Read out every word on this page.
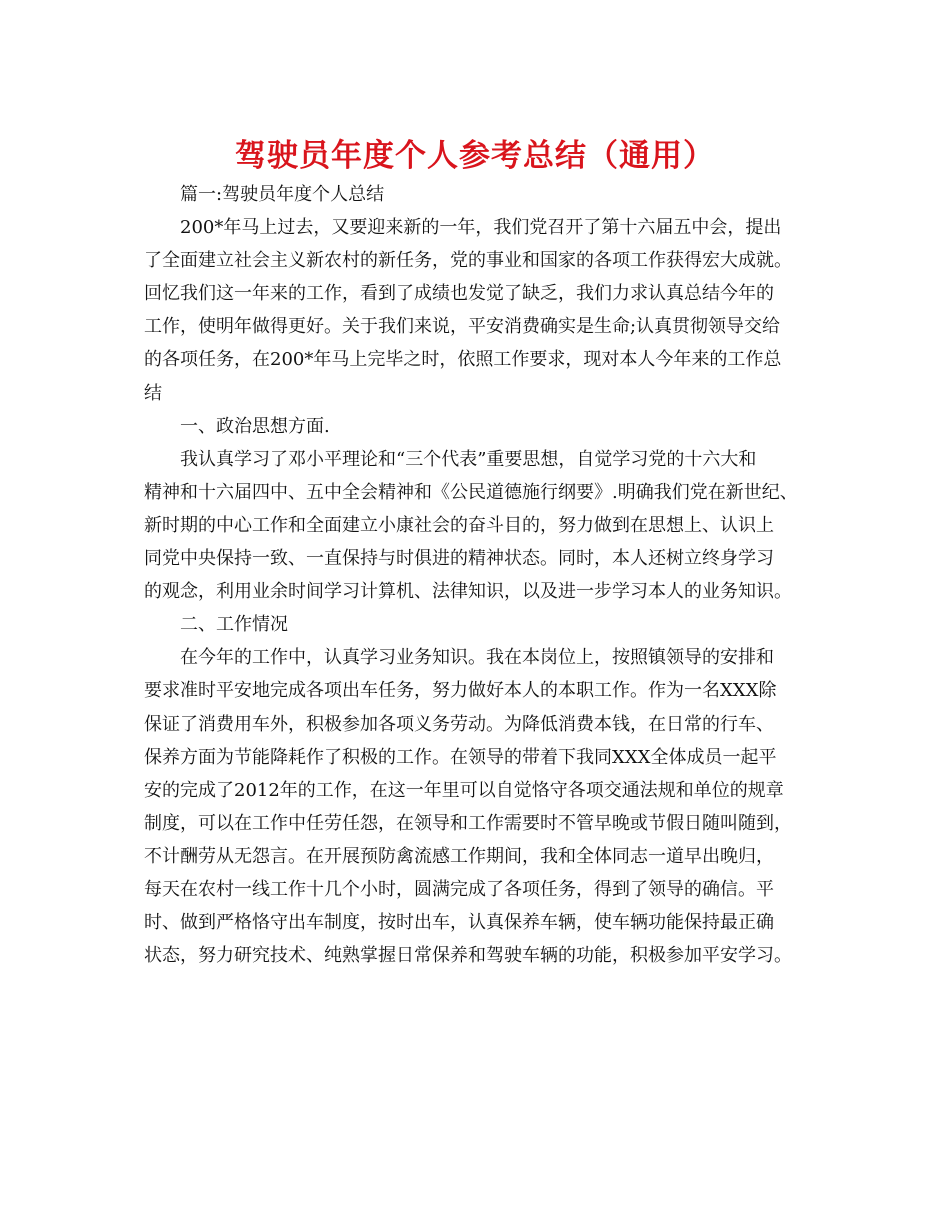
驾驶员年度个人参考总结（通用）
篇一:驾驶员年度个人总结
200*年马上过去，又要迎来新的一年，我们党召开了第十六届五中会，提出
了全面建立社会主义新农村的新任务，党的事业和国家的各项工作获得宏大成就。
回忆我们这一年来的工作，看到了成绩也发觉了缺乏，我们力求认真总结今年的
工作，使明年做得更好。关于我们来说，平安消费确实是生命;认真贯彻领导交给
的各项任务，在200*年马上完毕之时，依照工作要求，现对本人今年来的工作总
结
一、政治思想方面.
我认真学习了邓小平理论和“三个代表”重要思想，自觉学习党的十六大和
精神和十六届四中、五中全会精神和《公民道德施行纲要》.明确我们党在新世纪、
新时期的中心工作和全面建立小康社会的奋斗目的，努力做到在思想上、认识上
同党中央保持一致、一直保持与时俱进的精神状态。同时，本人还树立终身学习
的观念，利用业余时间学习计算机、法律知识，以及进一步学习本人的业务知识。
二、工作情况
在今年的工作中，认真学习业务知识。我在本岗位上，按照镇领导的安排和
要求准时平安地完成各项出车任务，努力做好本人的本职工作。作为一名XXX除
保证了消费用车外，积极参加各项义务劳动。为降低消费本钱，在日常的行车、
保养方面为节能降耗作了积极的工作。在领导的带着下我同XXX全体成员一起平
安的完成了2012年的工作，在这一年里可以自觉恪守各项交通法规和单位的规章
制度，可以在工作中任劳任怨，在领导和工作需要时不管早晚或节假日随叫随到，
不计酬劳从无怨言。在开展预防禽流感工作期间，我和全体同志一道早出晚归，
每天在农村一线工作十几个小时，圆满完成了各项任务，得到了领导的确信。平
时、做到严格恪守出车制度，按时出车，认真保养车辆，使车辆功能保持最正确
状态，努力研究技术、纯熟掌握日常保养和驾驶车辆的功能，积极参加平安学习。
